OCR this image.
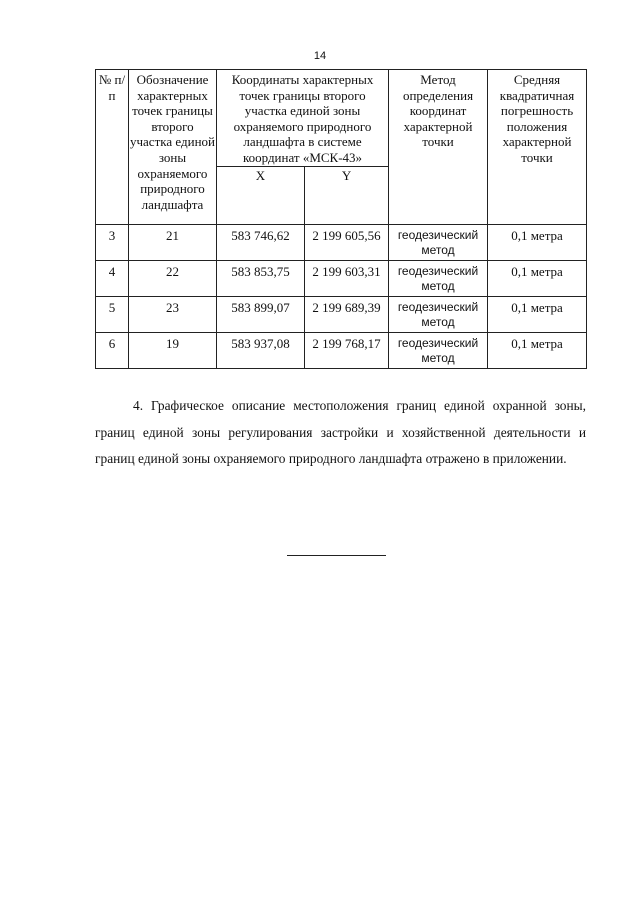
14
№ п/п	Обозначение характерных точек границы второго участка единой зоны охраняемого природного ландшафта	Координаты характерных точек границы второго участка единой зоны охраняемого природного ландшафта в системе координат «МСК-43»		Метод определения координат характерной точки	Средняя квадратичная погрешность положения характерной точки
		X	Y		
3	21	583 746,62	2 199 605,56	геодезический метод	0,1 метра
4	22	583 853,75	2 199 603,31	геодезический метод	0,1 метра
5	23	583 899,07	2 199 689,39	геодезический метод	0,1 метра
6	19	583 937,08	2 199 768,17	геодезический метод	0,1 метра

4. Графическое описание местоположения границ единой охранной зоны, границ единой зоны регулирования застройки и хозяйственной деятельности и границ единой зоны охраняемого природного ландшафта отражено в приложении.
